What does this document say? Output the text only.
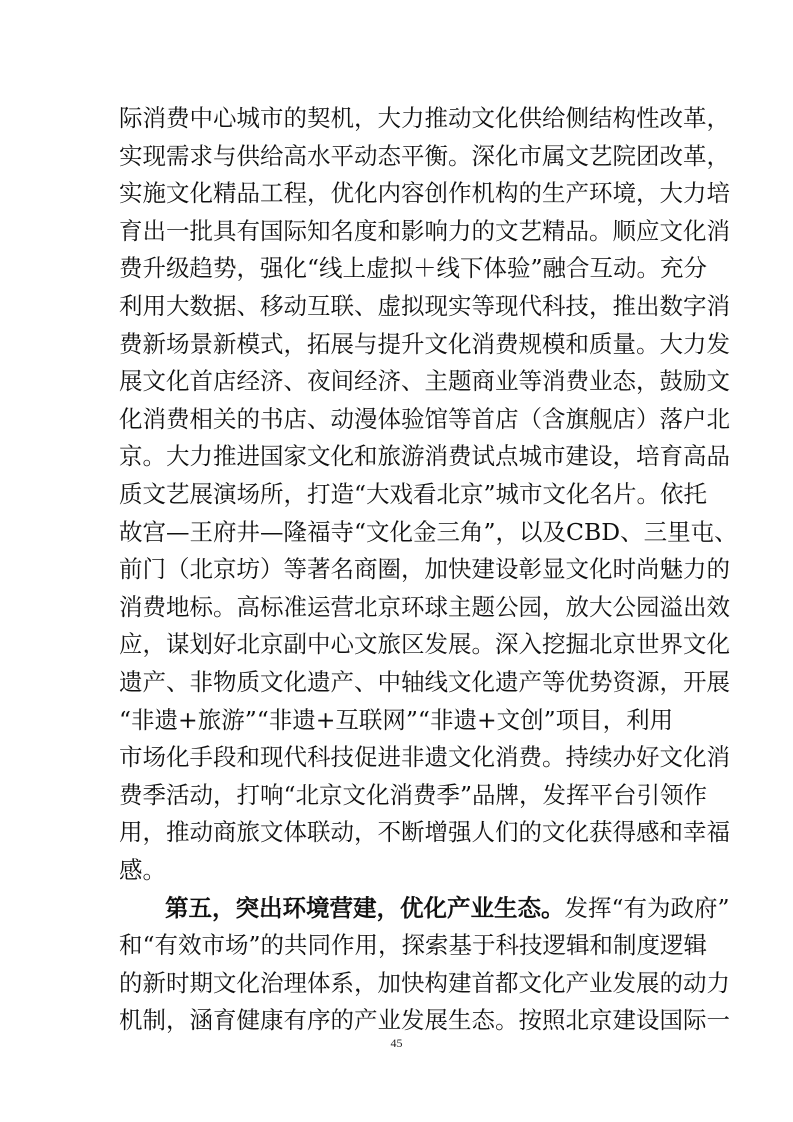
际消费中心城市的契机，大力推动文化供给侧结构性改革，
实现需求与供给高水平动态平衡。深化市属文艺院团改革，
实施文化精品工程，优化内容创作机构的生产环境，大力培
育出一批具有国际知名度和影响力的文艺精品。顺应文化消
费升级趋势，强化“线上虚拟＋线下体验”融合互动。充分
利用大数据、移动互联、虚拟现实等现代科技，推出数字消
费新场景新模式，拓展与提升文化消费规模和质量。大力发
展文化首店经济、夜间经济、主题商业等消费业态，鼓励文
化消费相关的书店、动漫体验馆等首店（含旗舰店）落户北
京。大力推进国家文化和旅游消费试点城市建设，培育高品
质文艺展演场所，打造“大戏看北京”城市文化名片。依托
故宫—王府井—隆福寺“文化金三角”，以及CBD、三里屯、
前门（北京坊）等著名商圈，加快建设彰显文化时尚魅力的
消费地标。高标准运营北京环球主题公园，放大公园溢出效
应，谋划好北京副中心文旅区发展。深入挖掘北京世界文化
遗产、非物质文化遗产、中轴线文化遗产等优势资源，开展
“非遗+旅游”“非遗+互联网”“非遗+文创”项目，利用
市场化手段和现代科技促进非遗文化消费。持续办好文化消
费季活动，打响“北京文化消费季”品牌，发挥平台引领作
用，推动商旅文体联动，不断增强人们的文化获得感和幸福
感。
第五，突出环境营建，优化产业生态。发挥“有为政府”
和“有效市场”的共同作用，探索基于科技逻辑和制度逻辑
的新时期文化治理体系，加快构建首都文化产业发展的动力
机制，涵育健康有序的产业发展生态。按照北京建设国际一
45
